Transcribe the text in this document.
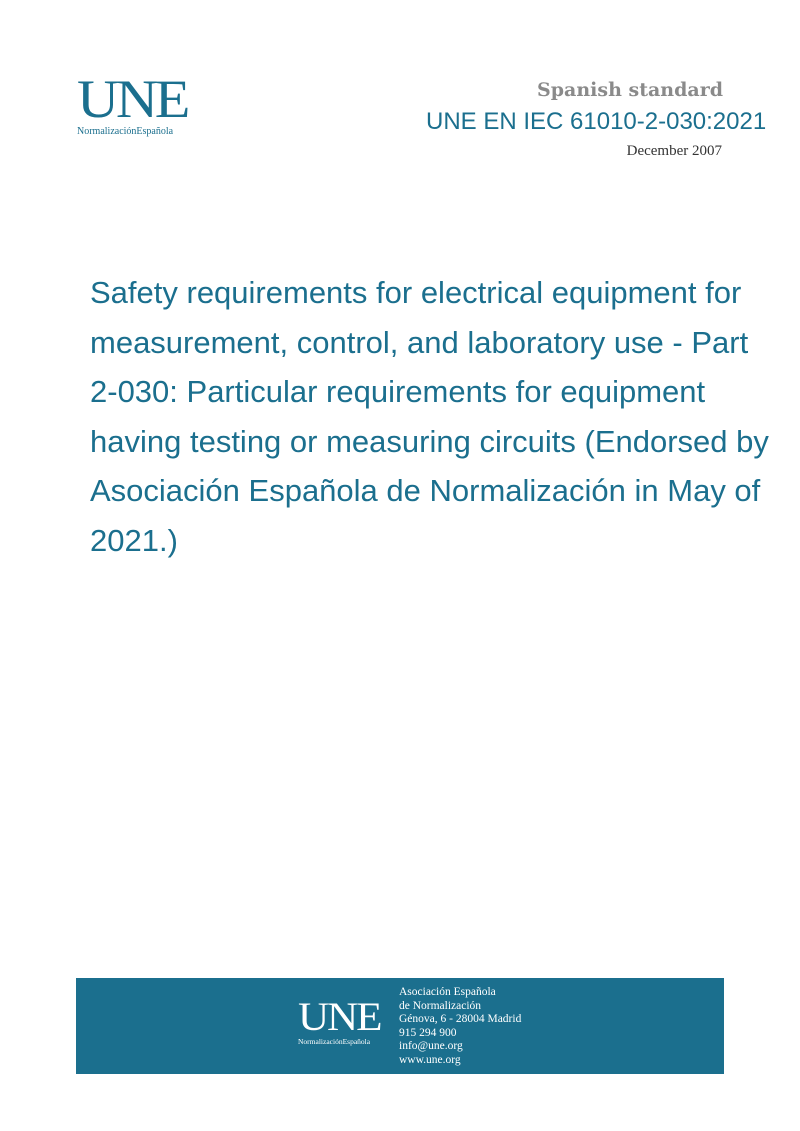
UNE
NormalizaciónEspañola
Spanish standard
UNE EN IEC 61010-2-030:2021
December 2007
Safety requirements for electrical equipment for measurement, control, and laboratory use - Part 2-030: Particular requirements for equipment having testing or measuring circuits (Endorsed by Asociación Española de Normalización in May of 2021.)
UNE
NormalizaciónEspañola
Asociación Española
de Normalización
Génova, 6 - 28004 Madrid
915 294 900
info@une.org
www.une.org
